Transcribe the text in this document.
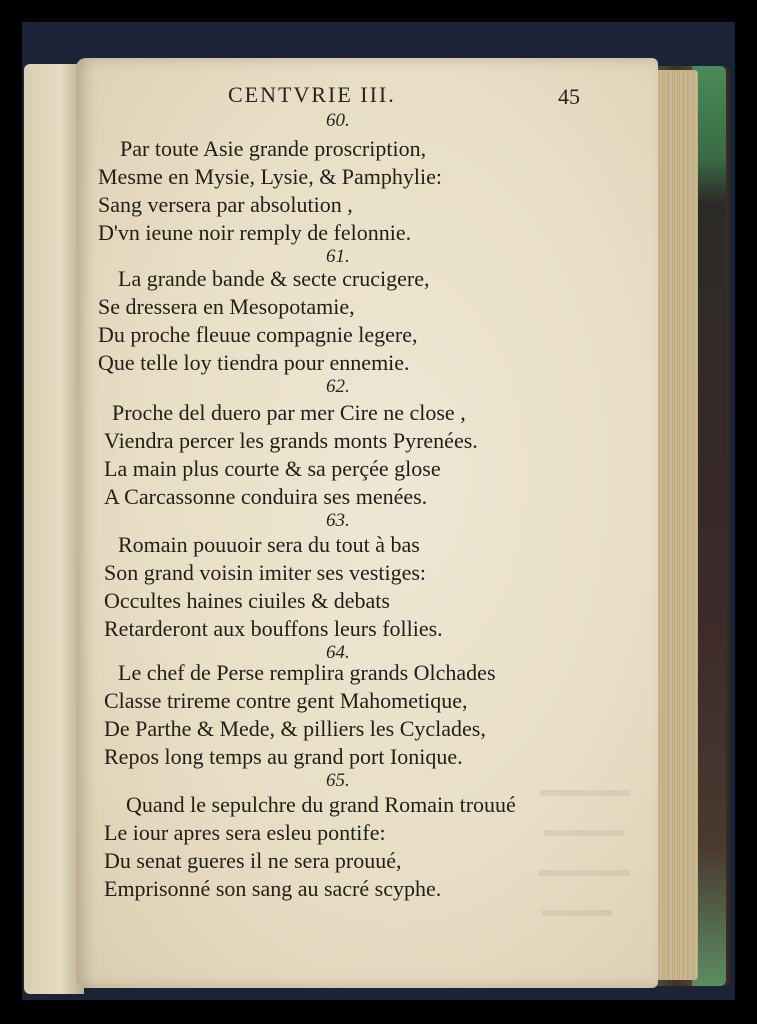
CENTVRIE III.	45
60.
Par toute Asie grande proscription,
Mesme en Mysie, Lysie, & Pamphylie:
Sang versera par absolution ,
D'vn ieune noir remply de felonnie.
61.
La grande bande & secte crucigere,
Se dressera en Mesopotamie,
Du proche fleuue compagnie legere,
Que telle loy tiendra pour ennemie.
62.
Proche del duero par mer Cire ne close ,
Viendra percer les grands monts Pyrenées.
La main plus courte & sa perçée glose
A Carcassonne conduira ses menées.
63.
Romain pouuoir sera du tout à bas
Son grand voisin imiter ses vestiges:
Occultes haines ciuiles & debats
Retarderont aux bouffons leurs follies.
64.
Le chef de Perse remplira grands Olchades
Classe trireme contre gent Mahometique,
De Parthe & Mede, & pilliers les Cyclades,
Repos long temps au grand port Ionique.
65.
Quand le sepulchre du grand Romain trouué
Le iour apres sera esleu pontife:
Du senat gueres il ne sera prouué,
Emprisonné son sang au sacré scyphe.
